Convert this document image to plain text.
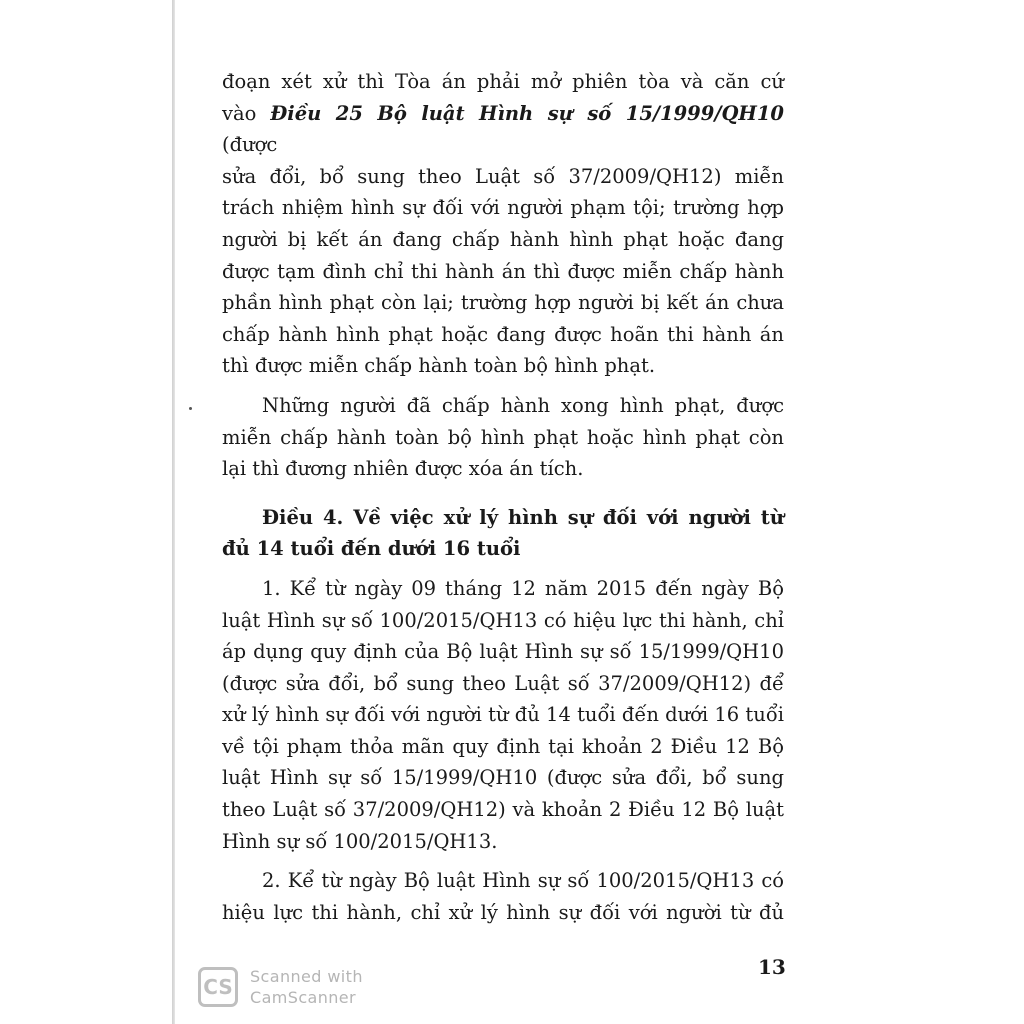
đoạn xét xử thì Tòa án phải mở phiên tòa và căn cứ

vào Điều 25 Bộ luật Hình sự số 15/1999/QH10 (được

sửa đổi, bổ sung theo Luật số 37/2009/QH12) miễn trách nhiệm hình sự đối với người phạm tội; trường hợp người bị kết án đang chấp hành hình phạt hoặc đang được tạm đình chỉ thi hành án thì được miễn chấp hành phần hình phạt còn lại; trường hợp người bị kết án chưa chấp hành hình phạt hoặc đang được hoãn thi hành án thì được miễn chấp hành toàn bộ hình phạt.

Những người đã chấp hành xong hình phạt, được miễn chấp hành toàn bộ hình phạt hoặc hình phạt còn lại thì đương nhiên được xóa án tích.

Điều 4. Về việc xử lý hình sự đối với người từ đủ 14 tuổi đến dưới 16 tuổi

1. Kể từ ngày 09 tháng 12 năm 2015 đến ngày Bộ luật Hình sự số 100/2015/QH13 có hiệu lực thi hành, chỉ áp dụng quy định của Bộ luật Hình sự số 15/1999/QH10 (được sửa đổi, bổ sung theo Luật số 37/2009/QH12) để xử lý hình sự đối với người từ đủ 14 tuổi đến dưới 16 tuổi về tội phạm thỏa mãn quy định tại khoản 2 Điều 12 Bộ luật Hình sự số 15/1999/QH10 (được sửa đổi, bổ sung theo Luật số 37/2009/QH12) và khoản 2 Điều 12 Bộ luật Hình sự số 100/2015/QH13.

2. Kể từ ngày Bộ luật Hình sự số 100/2015/QH13 có hiệu lực thi hành, chỉ xử lý hình sự đối với người từ đủ

13
CS	Scanned with
CamScanner
